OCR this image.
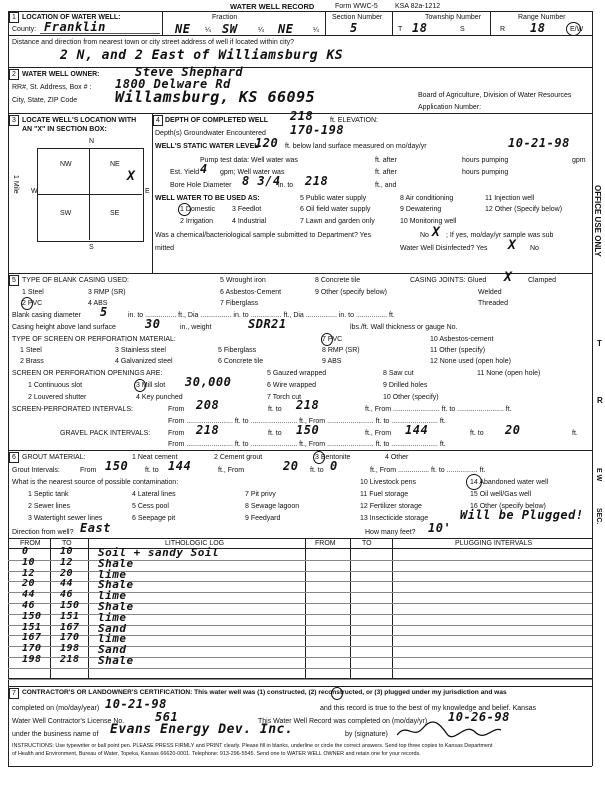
WATER WELL RECORD	Form WWC-5 KSA 82a-1212
1 LOCATION OF WATER WELL:
County: Franklin
Fraction
NE ¼ SW	¼ NE	¼
Section Number
5
Township Number
T 18	S
Range Number
R 18	E/W
Distance and direction from nearest town or city street address of well if located within city?
2 N, and 2 East of Williamsburg KS
2 WATER WELL OWNER:	Steve Shephard
RR#, St. Address, Box # : 1800 Delware Rd
City, State, ZIP Code	Willamsburg, KS 66095	Board of Agriculture, Division of Water Resources
Application Number:
3 LOCATE WELL'S LOCATION WITH
AN "X" IN SECTION BOX:
N
NW	NE
SW	SE
X
W	E
S
1 Mile
4 DEPTH OF COMPLETED WELL 218 ft. ELEVATION:
Depth(s) Groundwater Encountered 170-198
WELL'S STATIC WATER LEVEL
120 ft. below land surface measured on mo/day/yr	10-21-98
Pump test data: Well water was	ft. after	hours pumping	gpm
Est. Yield 4 gpm; Well water was	ft. after	hours pumping
Bore Hole Diameter 8 3/4
in. to 218	ft., and
WELL WATER TO BE USED AS:
1 Domestic 3 Feedlot
5 Public water supply	8 Air conditioning	11 Injection well
2 Irrigation	4 Industrial	7 Lawn and garden only
9 Dewatering	12 Other (Specify below)
6 Oil field water supply
10 Monitoring well
Was a chemical/bacteriological sample submitted to Department? Yes	No X ; If yes, mo/day/yr sample was sub
mitted	Water Well Disinfected? Yes X No
5 TYPE OF BLANK CASING USED:
1 Steel	3 RMP (SR)
5 Wrought iron
6 Asbestos-Cement
7 Fiberglass
8 Concrete tile
9 Other (specify below)
2 PVC	4 ABS
CASING JOINTS: Glued X Clamped
Welded
Threaded
Blank casing diameter 5	in. to ................ ft., Dia ................ in. to ................ ft., Dia ................ in. to ................ ft.
Casing height above land surface 30	in., weight	SDR21	lbs./ft. Wall thickness or gauge No.
TYPE OF SCREEN OR PERFORATION MATERIAL:
1 Steel	3 Stainless steel	5 Fiberglass
7 PVC	10 Asbestos-cement
2 Brass	4 Galvanized steel	6 Concrete tile
8 RMP (SR)	11 Other (specify)
9 ABS	12 None used (open hole)
SCREEN OR PERFORATION OPENINGS ARE:	5 Gauzed wrapped	8 Saw cut	11 None (open hole)
1 Continuous slot	3 Mill slot 30,000	6 Wire wrapped	9 Drilled holes
2 Louvered shutter	4 Key punched	7 Torch cut	10 Other (specify)
SCREEN-PERFORATED INTERVALS:	From 208	ft. to 218	ft., From ........................ ft. to ........................ ft.
From ........................ ft. to ........................ ft., From ........................ ft. to ........................ ft.
GRAVEL PACK INTERVALS:	From 218	ft. to 150	ft., From 144	ft. to 20	ft.
From ........................ ft. to ........................ ft., From ........................ ft. to ........................ ft.
6 GROUT MATERIAL:	1 Neat cement	2 Cement grout	3 Bentonite	4 Other
Grout Intervals:	From 150 ft. to 144	ft., From	20 ft. to 0	ft., From ................ ft. to ................ ft.
What is the nearest source of possible contamination:
1 Septic tank	4 Lateral lines	7 Pit privy
10 Livestock pens	14 Abandoned water well
2 Sewer lines	5 Cess pool	8 Sewage lagoon
11 Fuel storage	15 Oil well/Gas well
3 Watertight sewer lines	6 Seepage pit	9 Feedyard
12 Fertilizer storage	16 Other (specify below)
13 Insecticide storage	Will be Plugged!
Direction from well? East	How many feet? 10'
FROM	TO	LITHOLOGIC LOG	FROM	TO	PLUGGING INTERVALS
0	10 Soil + sandy Soil
10 12 Shale
12 20 lime
20 44 Shale
44 46 lime
46 150 Shale
150 151 lime
151 167 Sand
167 170 lime
170 198 Sand
198 218 Shale
7 CONTRACTOR'S OR LANDOWNER'S CERTIFICATION: This water well was (1) constructed, (2) reconstructed, or (3) plugged under my jurisdiction and was
completed on (mo/day/year) 10-21-98	and this record is true to the best of my knowledge and belief. Kansas
Water Well Contractor's License No.	561	This Water Well Record was completed on (mo/day/yr) 10-26-98
under the business name of Evans Energy Dev. Inc.	by (signature)
INSTRUCTIONS: Use typewriter or ball point pen. PLEASE PRESS FIRMLY and PRINT clearly. Please fill in blanks, underline or circle the correct answers. Send top three copies to Kansas Department
of Health and Environment, Bureau of Water, Topeka, Kansas 66620-0001. Telephone: 913-296-5545. Send one to WATER WELL OWNER and retain one for your records.
OFFICE USE ONLY
T
R
E W
SEC.
